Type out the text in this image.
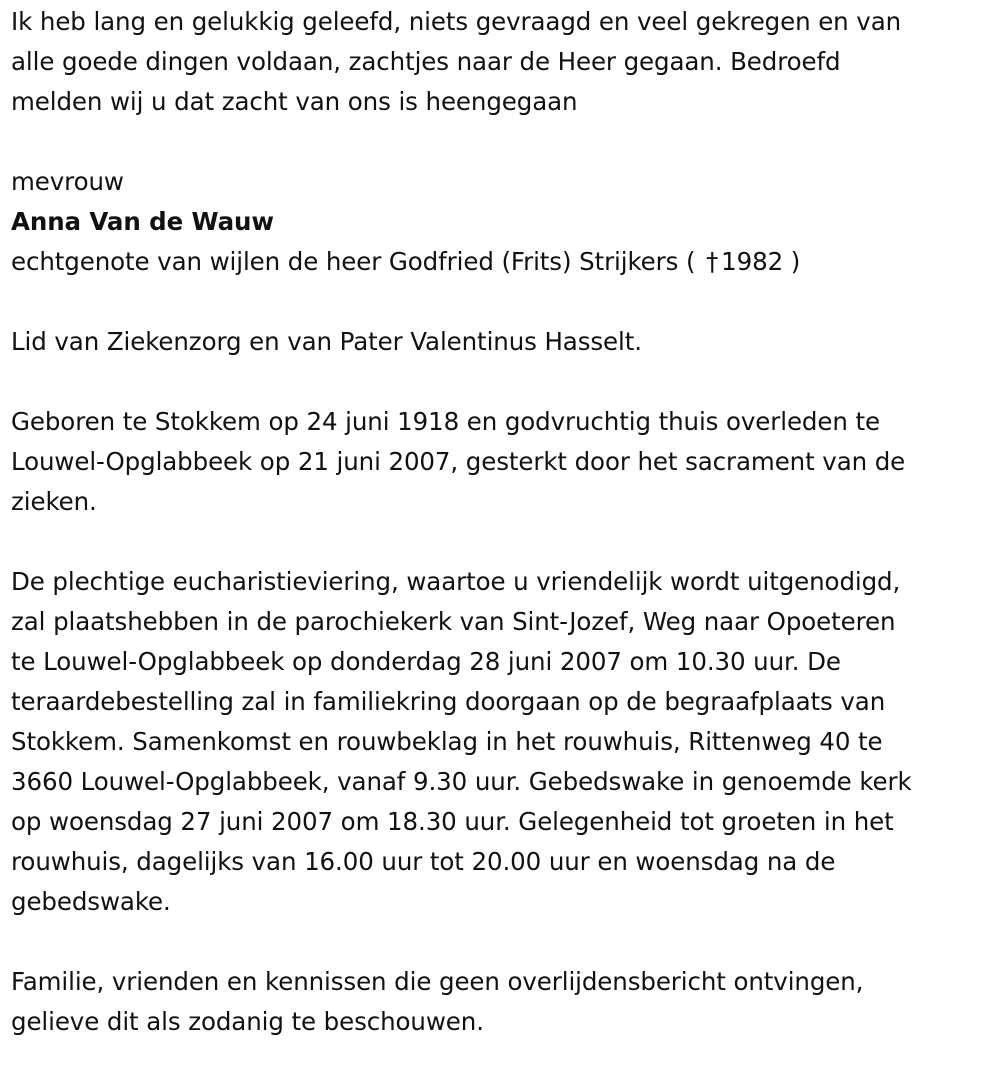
Ik heb lang en gelukkig geleefd, niets gevraagd en veel gekregen en van
alle goede dingen voldaan, zachtjes naar de Heer gegaan. Bedroefd
melden wij u dat zacht van ons is heengegaan
mevrouw
Anna Van de Wauw
echtgenote van wijlen de heer Godfried (Frits) Strijkers ( † 1982 )
Lid van Ziekenzorg en van Pater Valentinus Hasselt.
Geboren te Stokkem op 24 juni 1918 en godvruchtig thuis overleden te
Louwel-Opglabbeek op 21 juni 2007, gesterkt door het sacrament van de
zieken.
De plechtige eucharistieviering, waartoe u vriendelijk wordt uitgenodigd,
zal plaatshebben in de parochiekerk van Sint-Jozef, Weg naar Opoeteren
te Louwel-Opglabbeek op donderdag 28 juni 2007 om 10.30 uur. De
teraardebestelling zal in familiekring doorgaan op de begraafplaats van
Stokkem. Samenkomst en rouwbeklag in het rouwhuis, Rittenweg 40 te
3660 Louwel-Opglabbeek, vanaf 9.30 uur. Gebedswake in genoemde kerk
op woensdag 27 juni 2007 om 18.30 uur. Gelegenheid tot groeten in het
rouwhuis, dagelijks van 16.00 uur tot 20.00 uur en woensdag na de
gebedswake.
Familie, vrienden en kennissen die geen overlijdensbericht ontvingen,
gelieve dit als zodanig te beschouwen.
